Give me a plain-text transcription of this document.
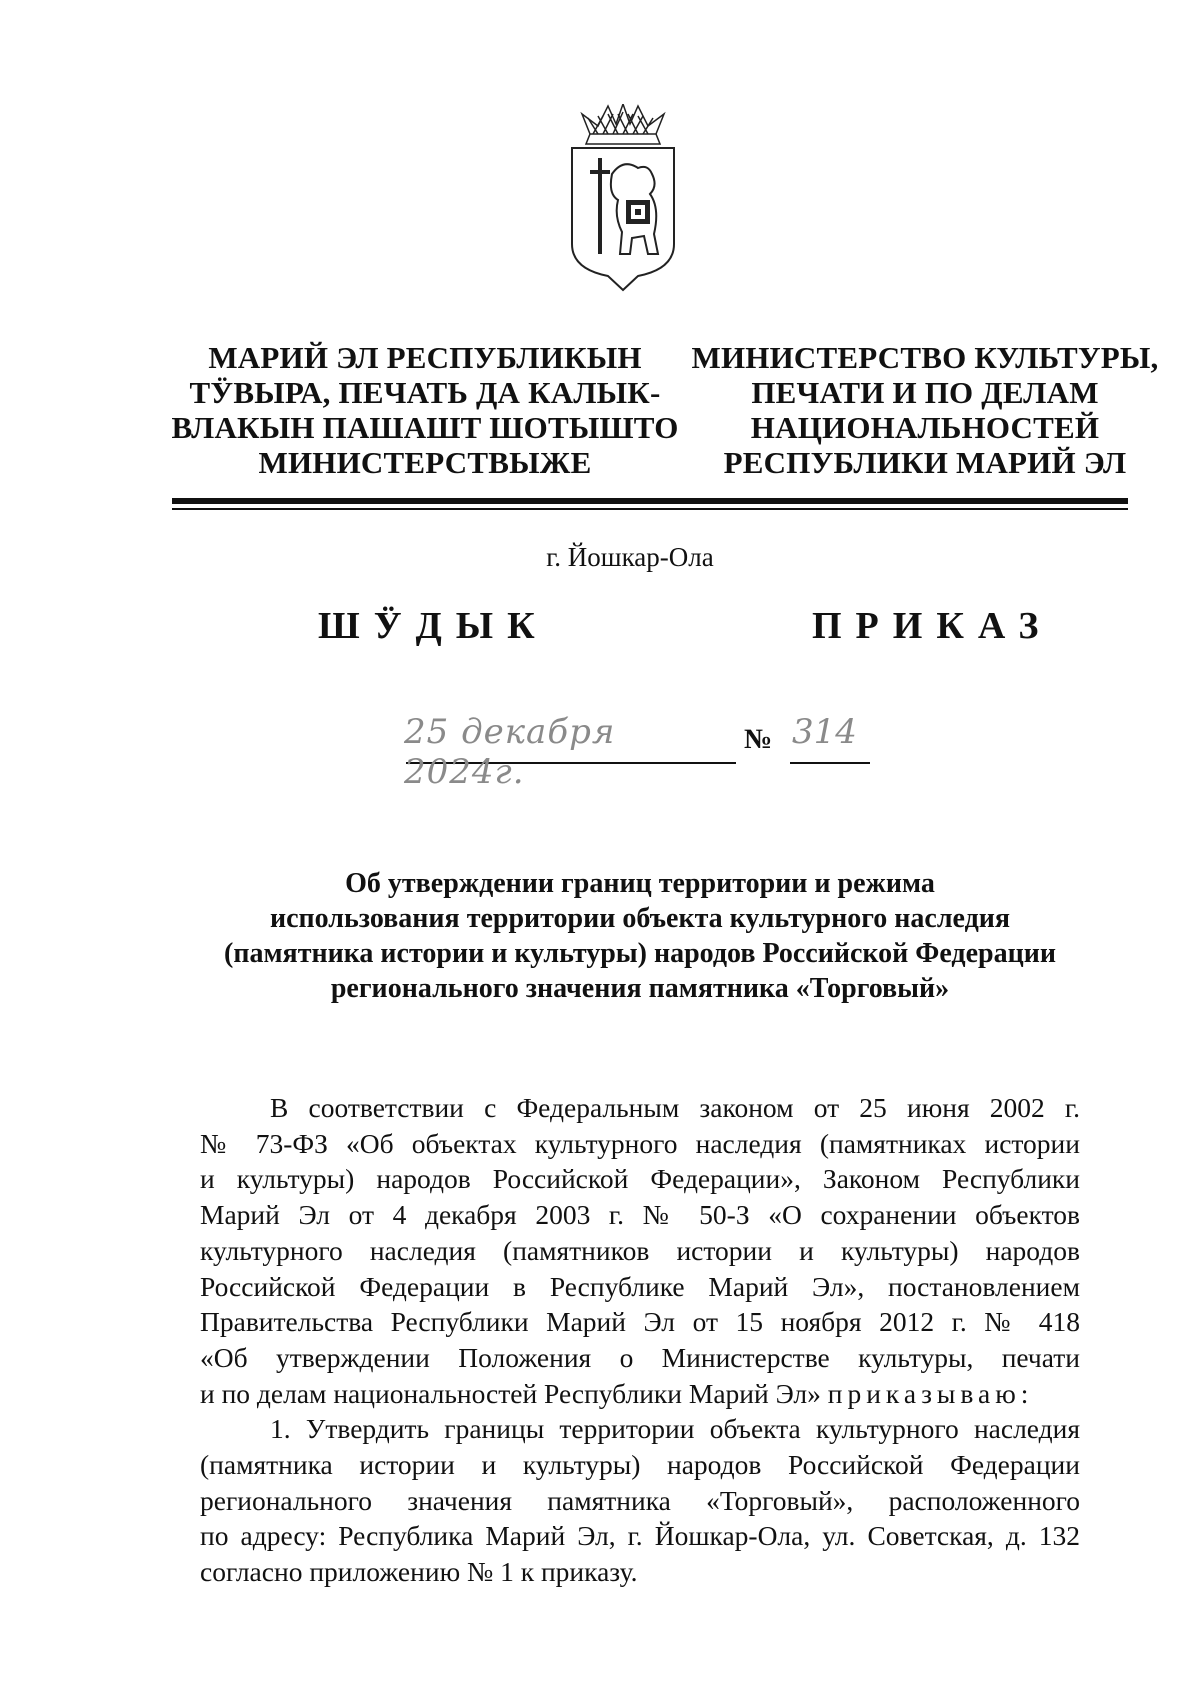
МАРИЙ ЭЛ РЕСПУБЛИКЫН
ТӰВЫРА, ПЕЧАТЬ ДА КАЛЫК-
ВЛАКЫН ПАШАШТ ШОТЫШТО
МИНИСТЕРСТВЫЖЕ
МИНИСТЕРСТВО КУЛЬТУРЫ,
ПЕЧАТИ И ПО ДЕЛАМ
НАЦИОНАЛЬНОСТЕЙ
РЕСПУБЛИКИ МАРИЙ ЭЛ
г. Йошкар-Ола
ШӰДЫК	ПРИКАЗ
25 декабря 2024г.
№ 314
Об утверждении границ территории и режима
использования территории объекта культурного наследия
(памятника истории и культуры) народов Российской Федерации
регионального значения памятника «Торговый»
В соответствии с Федеральным законом от 25 июня 2002 г.
№ 73-ФЗ «Об объектах культурного наследия (памятниках истории
и культуры) народов Российской Федерации», Законом Республики
Марий Эл от 4 декабря 2003 г. № 50-З «О сохранении объектов
культурного наследия (памятников истории и культуры) народов
Российской Федерации в Республике Марий Эл», постановлением
Правительства Республики Марий Эл от 15 ноября 2012 г. № 418
«Об утверждении Положения о Министерстве культуры, печати
и по делам национальностей Республики Марий Эл» приказываю:
1. Утвердить границы территории объекта культурного наследия
(памятника истории и культуры) народов Российской Федерации
регионального значения памятника «Торговый», расположенного
по адресу: Республика Марий Эл, г. Йошкар-Ола, ул. Советская, д. 132
согласно приложению № 1 к приказу.
